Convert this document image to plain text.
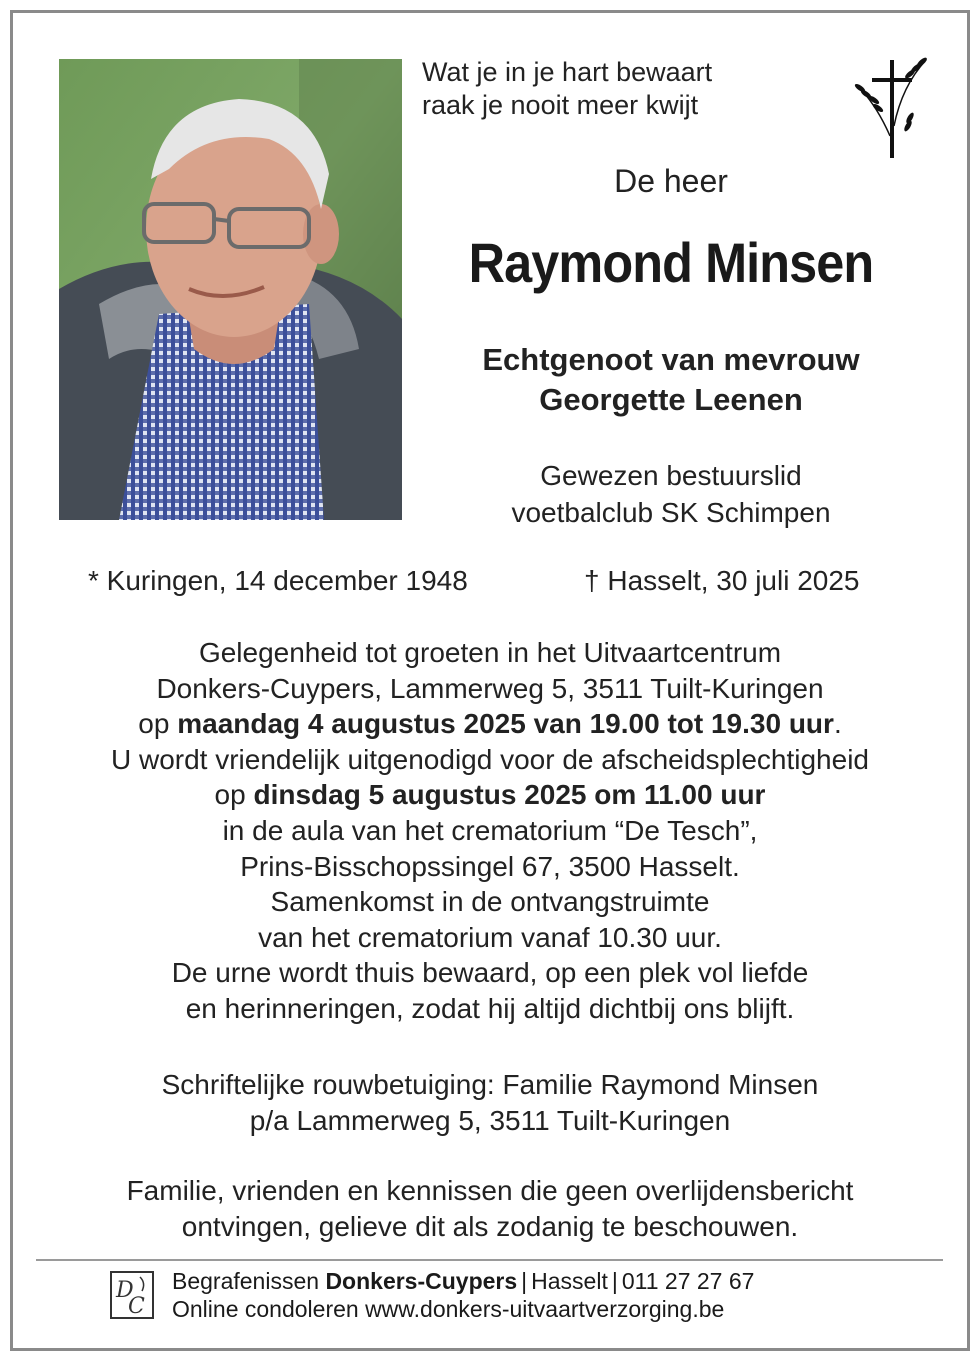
Wat je in je hart bewaart
raak je nooit meer kwijt
De heer
Raymond Minsen
Echtgenoot van mevrouw
Georgette Leenen
Gewezen bestuurslid
voetbalclub SK Schimpen
* Kuringen, 14 december 1948	† Hasselt, 30 juli 2025
Gelegenheid tot groeten in het Uitvaartcentrum
Donkers-Cuypers, Lammerweg 5, 3511 Tuilt-Kuringen
op maandag 4 augustus 2025 van 19.00 tot 19.30 uur.
U wordt vriendelijk uitgenodigd voor de afscheidsplechtigheid
op dinsdag 5 augustus 2025 om 11.00 uur
in de aula van het crematorium “De Tesch”,
Prins-Bisschopssingel 67, 3500 Hasselt.
Samenkomst in de ontvangstruimte
van het crematorium vanaf 10.30 uur.
De urne wordt thuis bewaard, op een plek vol liefde
en herinneringen, zodat hij altijd dichtbij ons blijft.
Schriftelijke rouwbetuiging: Familie Raymond Minsen
p/a Lammerweg 5, 3511 Tuilt-Kuringen
Familie, vrienden en kennissen die geen overlijdensbericht
ontvingen, gelieve dit als zodanig te beschouwen.
D
C
Begrafenissen Donkers-Cuypers | Hasselt | 011 27 27 67
Online condoleren www.donkers-uitvaartverzorging.be
